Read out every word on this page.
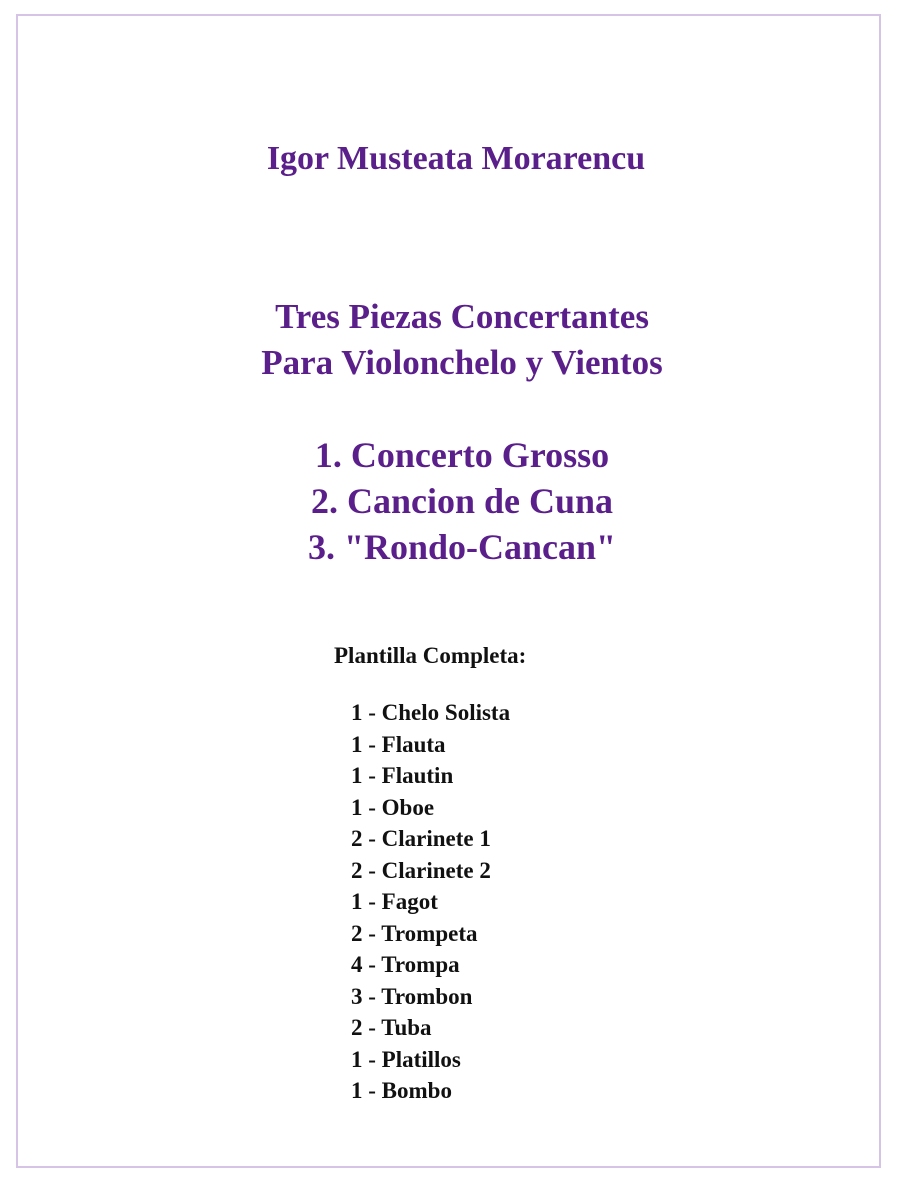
Igor Musteata Morarencu
Tres Piezas Concertantes
Para Violonchelo y Vientos
1. Concerto Grosso
2. Cancion de Cuna
3. "Rondo-Cancan"
Plantilla Completa:
1 - Chelo Solista
1 - Flauta
1 - Flautin
1 - Oboe
2 - Clarinete 1
2 - Clarinete 2
1 - Fagot
2 - Trompeta
4 - Trompa
3 - Trombon
2 - Tuba
1 - Platillos
1 - Bombo
